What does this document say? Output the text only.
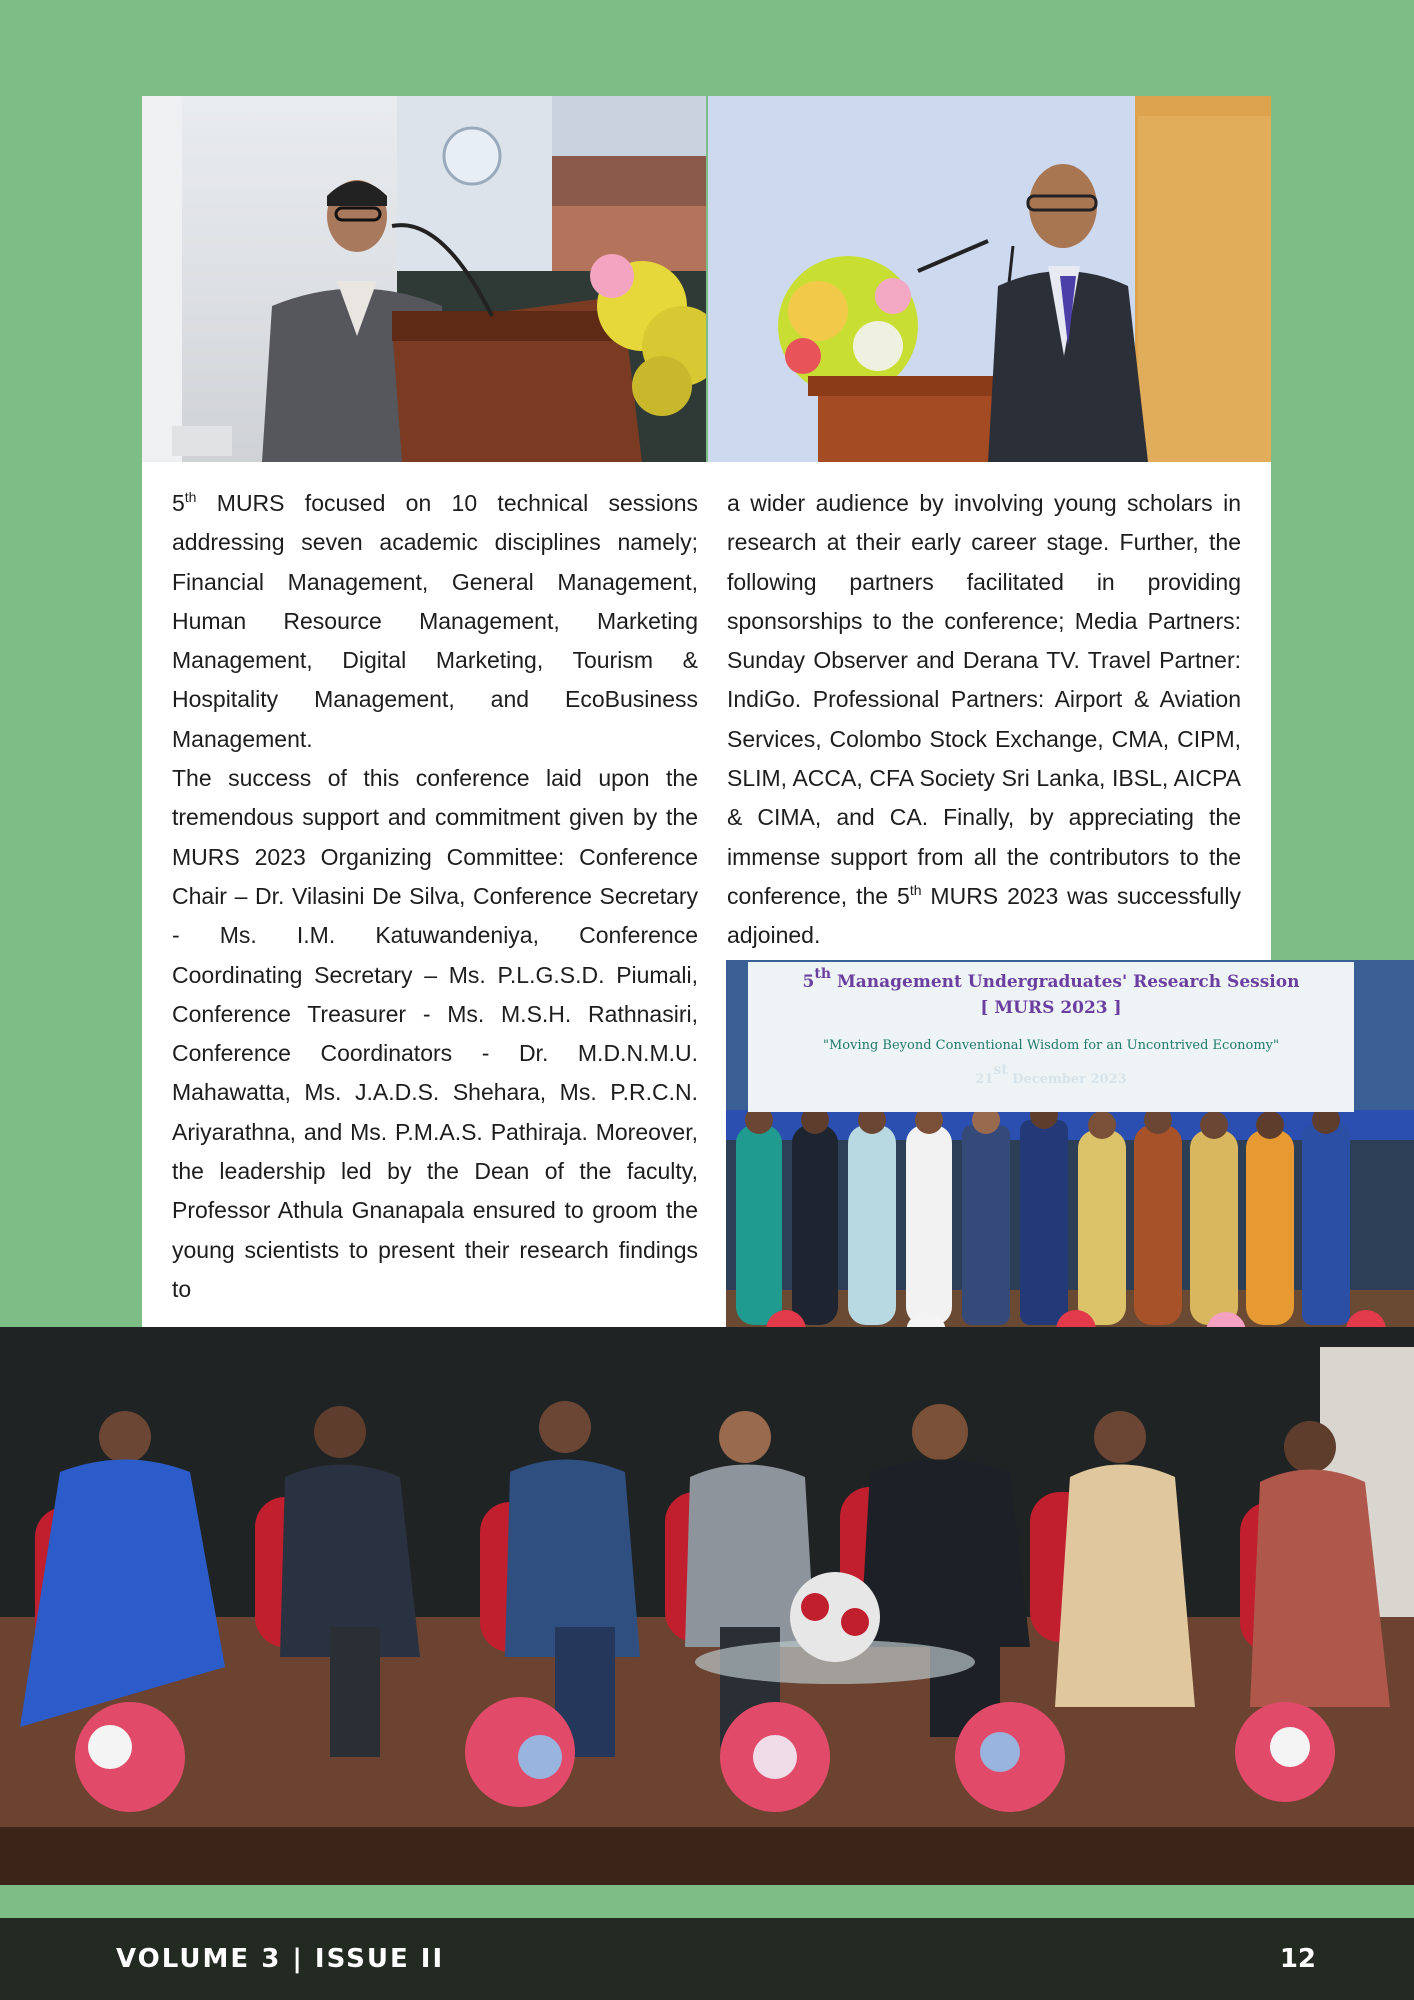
5th MURS focused on 10 technical sessions addressing seven academic disciplines namely; Financial Management, General Management, Human Resource Management, Marketing Management, Digital Marketing, Tourism & Hospitality Management, and EcoBusiness Management.

The success of this conference laid upon the tremendous support and commitment given by the MURS 2023 Organizing Committee: Conference Chair – Dr. Vilasini De Silva, Conference Secretary - Ms. I.M. Katuwandeniya, Conference Coordinating Secretary – Ms. P.L.G.S.D. Piumali, Conference Treasurer - Ms. M.S.H. Rathnasiri, Conference Coordinators - Dr. M.D.N.M.U. Mahawatta, Ms. J.A.D.S. Shehara, Ms. P.R.C.N. Ariyarathna, and Ms. P.M.A.S. Pathiraja. Moreover, the leadership led by the Dean of the faculty, Professor Athula Gnanapala ensured to groom the young scientists to present their research findings to

a wider audience by involving young scholars in research at their early career stage. Further, the following partners facilitated in providing sponsorships to the conference; Media Partners: Sunday Observer and Derana TV. Travel Partner: IndiGo. Professional Partners: Airport & Aviation Services, Colombo Stock Exchange, CMA, CIPM, SLIM, ACCA, CFA Society Sri Lanka, IBSL, AICPA & CIMA, and CA. Finally, by appreciating the immense support from all the contributors to the conference, the 5th MURS 2023 was successfully adjoined.

5th Management Undergraduates' Research Session
[ MURS 2023 ]
"Moving Beyond Conventional Wisdom for an Uncontrived Economy"
21st December 2023
VOLUME 3 | ISSUE II	12
